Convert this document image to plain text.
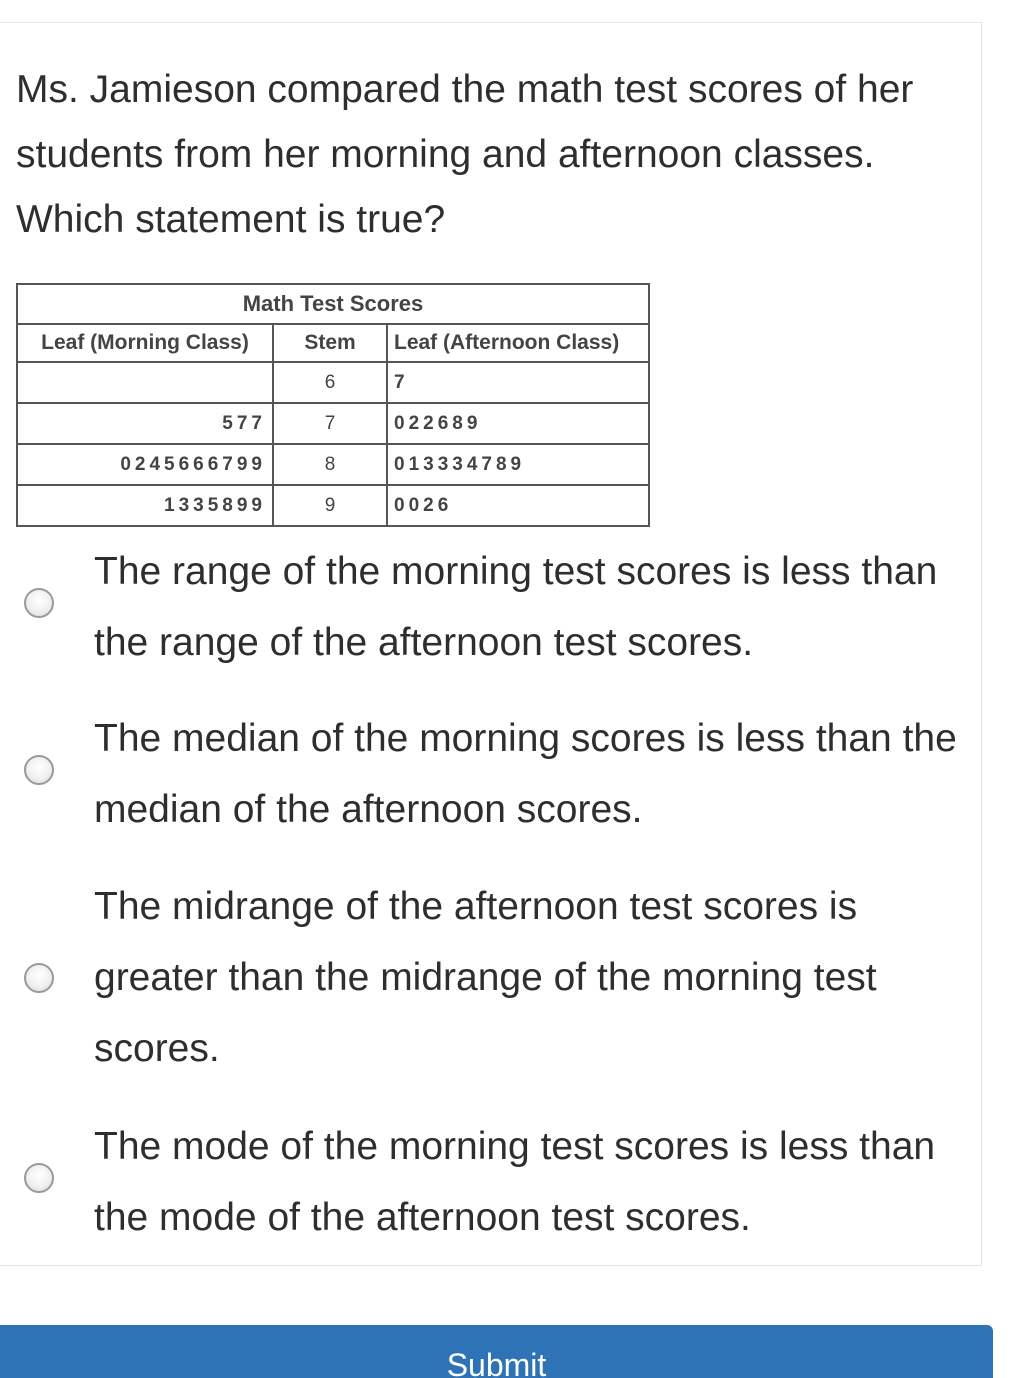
Ms. Jamieson compared the math test scores of her students from her morning and afternoon classes. Which statement is true?

Math Test Scores		
Leaf (Morning Class)	Stem	Leaf (Afternoon Class)
	6	7
577	7	022689
0245666799	8	013334789
1335899	9	0026
The range of the morning test scores is less than the range of the afternoon test scores.
The median of the morning scores is less than the median of the afternoon scores.
The midrange of the afternoon test scores is greater than the midrange of the morning test scores.
The mode of the morning test scores is less than the mode of the afternoon test scores.
Submit
